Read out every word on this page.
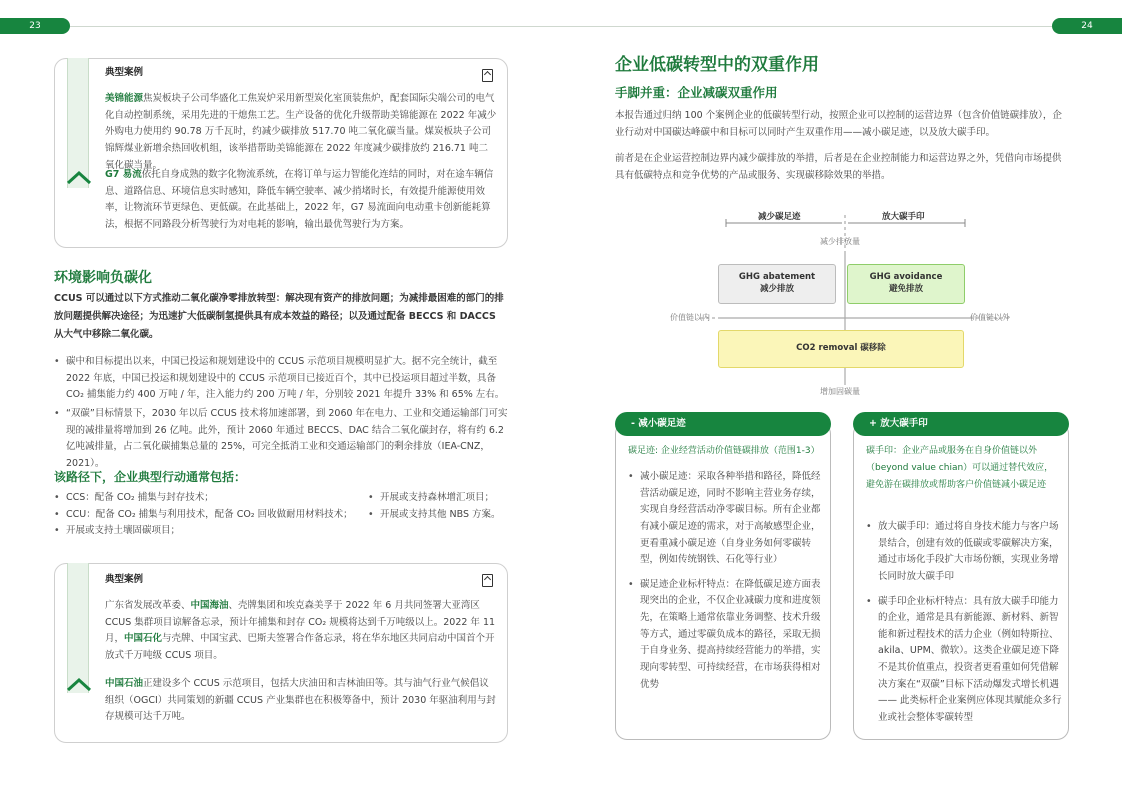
23	24
典型案例
美锦能源焦炭板块子公司华盛化工焦炭炉采用新型炭化室顶装焦炉，配套国际尖端公司的电气化自动控制系统，采用先进的干熄焦工艺。生产设备的优化升级帮助美锦能源在 2022 年减少外购电力使用约 90.78 万千瓦时，约减少碳排放 517.70 吨二氧化碳当量。煤炭板块子公司锦辉煤业新增余热回收机组，该举措帮助美锦能源在 2022 年度减少碳排放约 216.71 吨二氧化碳当量。
G7 易流依托自身成熟的数字化物流系统，在将订单与运力智能化连结的同时，对在途车辆信息、道路信息、环境信息实时感知，降低车辆空驶率、减少捎堵时长，有效提升能源使用效率，让物流环节更绿色、更低碳。在此基础上，2022 年，G7 易流面向电动重卡创新能耗算法，根据不同路段分析驾驶行为对电耗的影响，输出最优驾驶行为方案。
环境影响负碳化
CCUS 可以通过以下方式推动二氧化碳净零排放转型：解决现有资产的排放问题；为减排最困难的部门的排放问题提供解决途径；为迅速扩大低碳制氢提供具有成本效益的路径；以及通过配备 BECCS 和 DACCS 从大气中移除二氧化碳。
• 碳中和目标提出以来，中国已投运和规划建设中的 CCUS 示范项目规模明显扩大。据不完全统计，截至 2022 年底，中国已投运和规划建设中的 CCUS 示范项目已接近百个，其中已投运项目超过半数，具备 CO₂ 捕集能力约 400 万吨 / 年，注入能力约 200 万吨 / 年，分别较 2021 年提升 33% 和 65% 左右。
• “双碳”目标情景下，2030 年以后 CCUS 技术将加速部署，到 2060 年在电力、工业和交通运输部门可实现的减排量将增加到 26 亿吨。此外，预计 2060 年通过 BECCS、DAC 结合二氧化碳封存，将有约 6.2 亿吨减排量，占二氧化碳捕集总量的 25%，可完全抵消工业和交通运输部门的剩余排放（IEA-CNZ，2021）。
该路径下，企业典型行动通常包括：
• CCS：配备 CO₂ 捕集与封存技术；
• CCU：配备 CO₂ 捕集与利用技术，配备 CO₂ 回收做耐用材料技术；
• 开展或支持土壤固碳项目；
• 开展或支持森林增汇项目；
• 开展或支持其他 NBS 方案。
典型案例
广东省发展改革委、中国海油、壳牌集团和埃克森美孚于 2022 年 6 月共同签署大亚湾区 CCUS 集群项目谅解备忘录，预计年捕集和封存 CO₂ 规模将达到千万吨级以上。2022 年 11 月，中国石化与壳牌、中国宝武、巴斯夫签署合作备忘录，将在华东地区共同启动中国首个开放式千万吨级 CCUS 项目。
中国石油正建设多个 CCUS 示范项目，包括大庆油田和吉林油田等。其与油气行业气候倡议组织（OGCI）共同策划的新疆 CCUS 产业集群也在积极筹备中，预计 2030 年驱油利用与封存规模可达千万吨。
企业低碳转型中的双重作用
手脚并重：企业减碳双重作用
本报告通过归纳 100 个案例企业的低碳转型行动，按照企业可以控制的运营边界（包含价值链碳排放），企业行动对中国碳达峰碳中和目标可以同时产生双重作用——减小碳足迹，以及放大碳手印。
前者是在企业运营控制边界内减少碳排放的举措，后者是在企业控制能力和运营边界之外，凭借向市场提供具有低碳特点和竞争优势的产品或服务、实现碳移除效果的举措。
减少碳足迹	放大碳手印
减少排放量
增加固碳量
价值链以内	价值链以外
GHG abatement
减少排放
GHG avoidance
避免排放
CO2 removal 碳移除
碳足迹: 企业经营活动价值链碳排放（范围1-3）
• 减小碳足迹：采取各种举措和路径，降低经营活动碳足迹，同时不影响主营业务存续，实现自身经营活动净零碳目标。所有企业都有减小碳足迹的需求，对于高敏感型企业，更看重减小碳足迹（自身业务如何零碳转型，例如传统钢铁、石化等行业）
• 碳足迹企业标杆特点：在降低碳足迹方面表现突出的企业，不仅企业减碳力度和进度领先，在策略上通常依靠业务调整、技术升级等方式，通过零碳负成本的路径，采取无损于自身业务、提高持续经营能力的举措，实现向零转型、可持续经营，在市场获得相对优势
- 减小碳足迹
碳手印：企业产品或服务在自身价值链以外（beyond value chian）可以通过替代效应，避免游在碳排放或帮助客户价值链减小碳足迹
• 放大碳手印：通过将自身技术能力与客户场景结合，创建有效的低碳或零碳解决方案，通过市场化手段扩大市场份额，实现业务增长同时放大碳手印
• 碳手印企业标杆特点：具有放大碳手印能力的企业，通常是具有新能源、新材料、新智能和新过程技术的活力企业（例如特斯拉、akila、UPM、微软）。这类企业碳足迹下降不是其价值重点，投资者更看重如何凭借解决方案在“双碳”目标下活动爆发式增长机遇—— 此类标杆企业案例应体现其赋能众多行业或社会整体零碳转型
+ 放大碳手印
